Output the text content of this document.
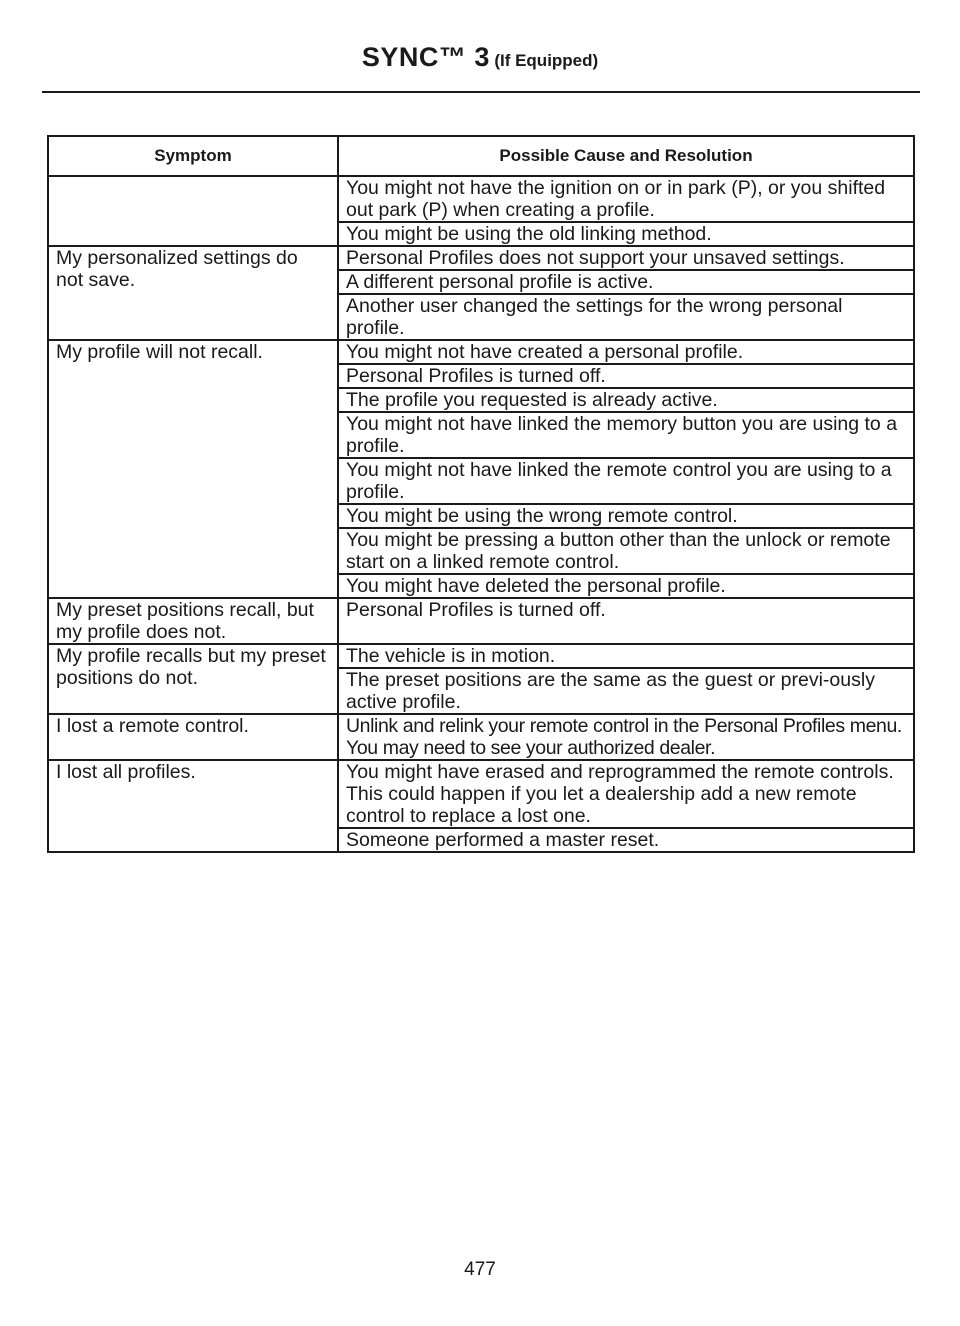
SYNC™ 3 (If Equipped)
Symptom	Possible Cause and Resolution
	You might not have the ignition on or in park (P), or you shifted out park (P) when creating a profile.
	You might be using the old linking method.
My personalized settings do not save.	Personal Profiles does not support your unsaved settings.
	A different personal profile is active.
	Another user changed the settings for the wrong personal profile.
My profile will not recall.	You might not have created a personal profile.
	Personal Profiles is turned off.
	The profile you requested is already active.
	You might not have linked the memory button you are using to a profile.
	You might not have linked the remote control you are using to a profile.
	You might be using the wrong remote control.
	You might be pressing a button other than the unlock or remote start on a linked remote control.
	You might have deleted the personal profile.
My preset positions recall, but my profile does not.	Personal Profiles is turned off.
My profile recalls but my preset positions do not.	The vehicle is in motion.
	The preset positions are the same as the guest or previ-ously active profile.
I lost a remote control.	Unlink and relink your remote control in the Personal Profiles menu. You may need to see your authorized dealer.
I lost all profiles.	You might have erased and reprogrammed the remote controls. This could happen if you let a dealership add a new remote control to replace a lost one.
	Someone performed a master reset.
477
